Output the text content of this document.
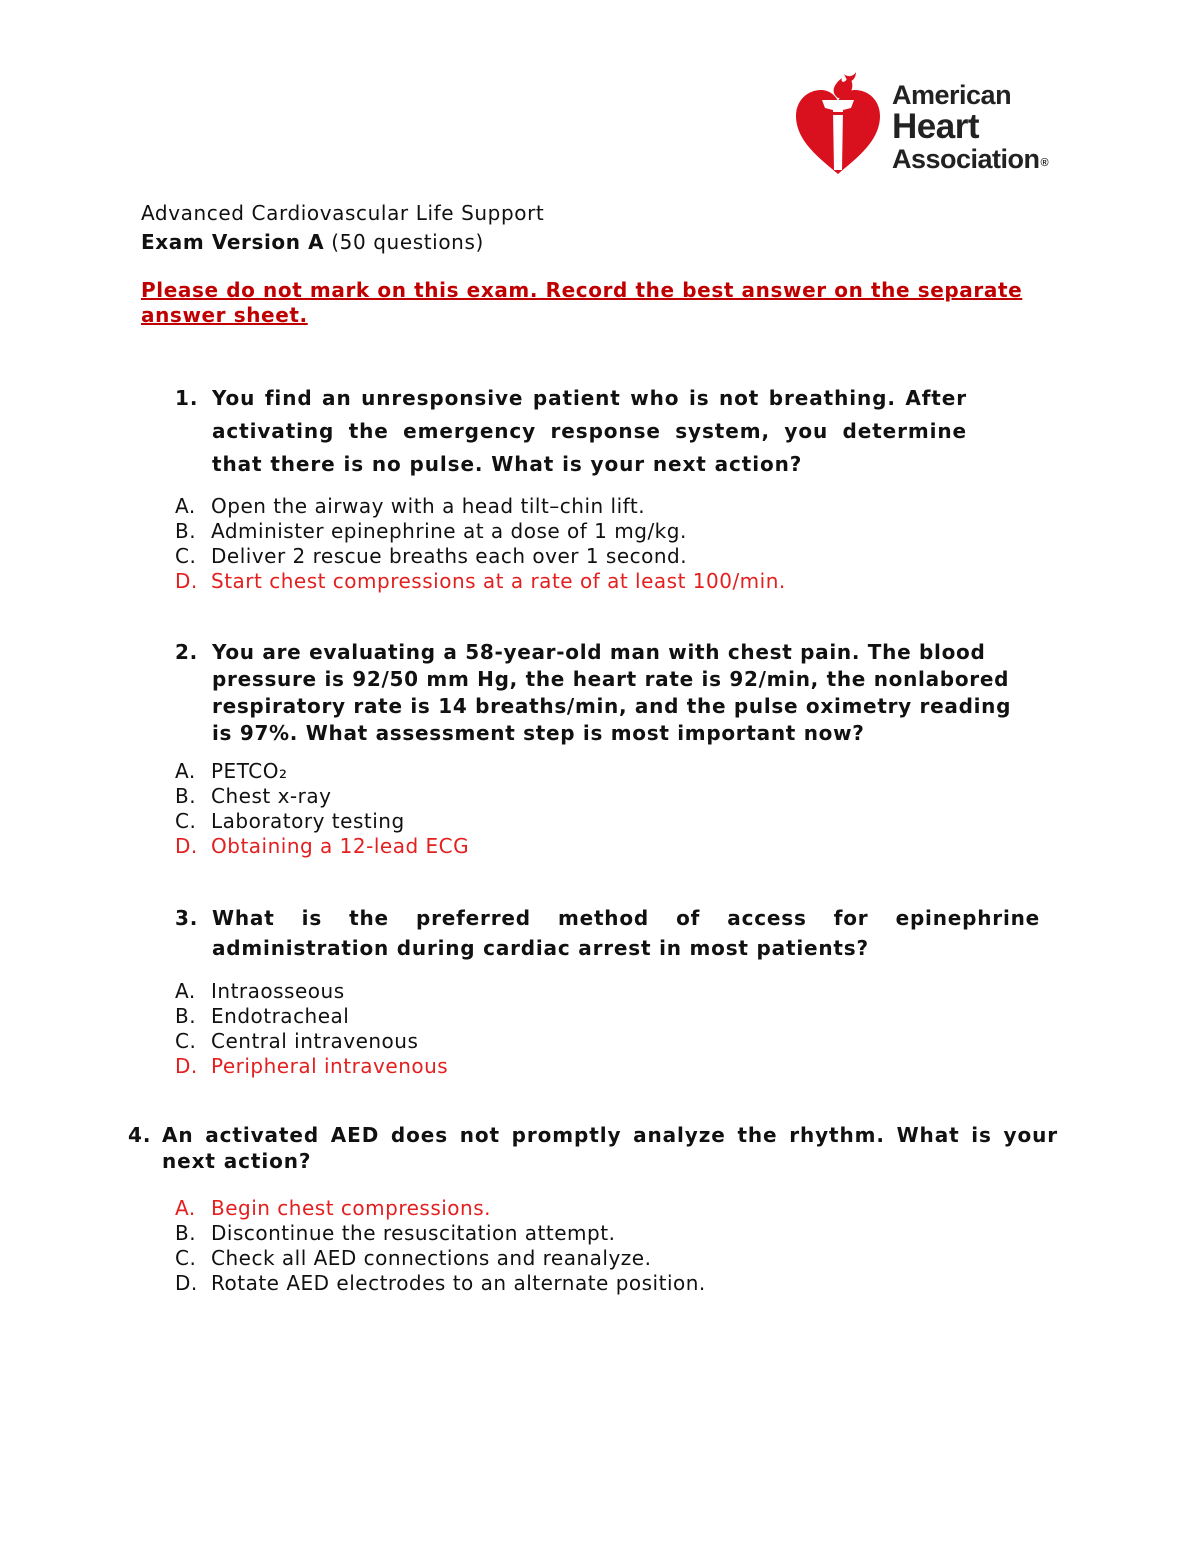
American
Heart
Association®
Advanced Cardiovascular Life Support
Exam Version A (50 questions)
Please do not mark on this exam. Record the best answer on the separate answer sheet.
1. You find an unresponsive patient who is not breathing. After activating the emergency response system, you determine that there is no pulse. What is your next action?
A. Open the airway with a head tilt–chin lift.
B. Administer epinephrine at a dose of 1 mg/kg.
C. Deliver 2 rescue breaths each over 1 second.
D. Start chest compressions at a rate of at least 100/min.
2. You are evaluating a 58-year-old man with chest pain. The blood pressure is 92/50 mm Hg, the heart rate is 92/min, the nonlabored respiratory rate is 14 breaths/min, and the pulse oximetry reading is 97%. What assessment step is most important now?
A. PETCO₂
B. Chest x-ray
C. Laboratory testing
D. Obtaining a 12-lead ECG
3. What is the preferred method of access for epinephrine administration during cardiac arrest in most patients?
A. Intraosseous
B. Endotracheal
C. Central intravenous
D. Peripheral intravenous
4. An activated AED does not promptly analyze the rhythm. What is your next action?
A. Begin chest compressions.
B. Discontinue the resuscitation attempt.
C. Check all AED connections and reanalyze.
D. Rotate AED electrodes to an alternate position.
